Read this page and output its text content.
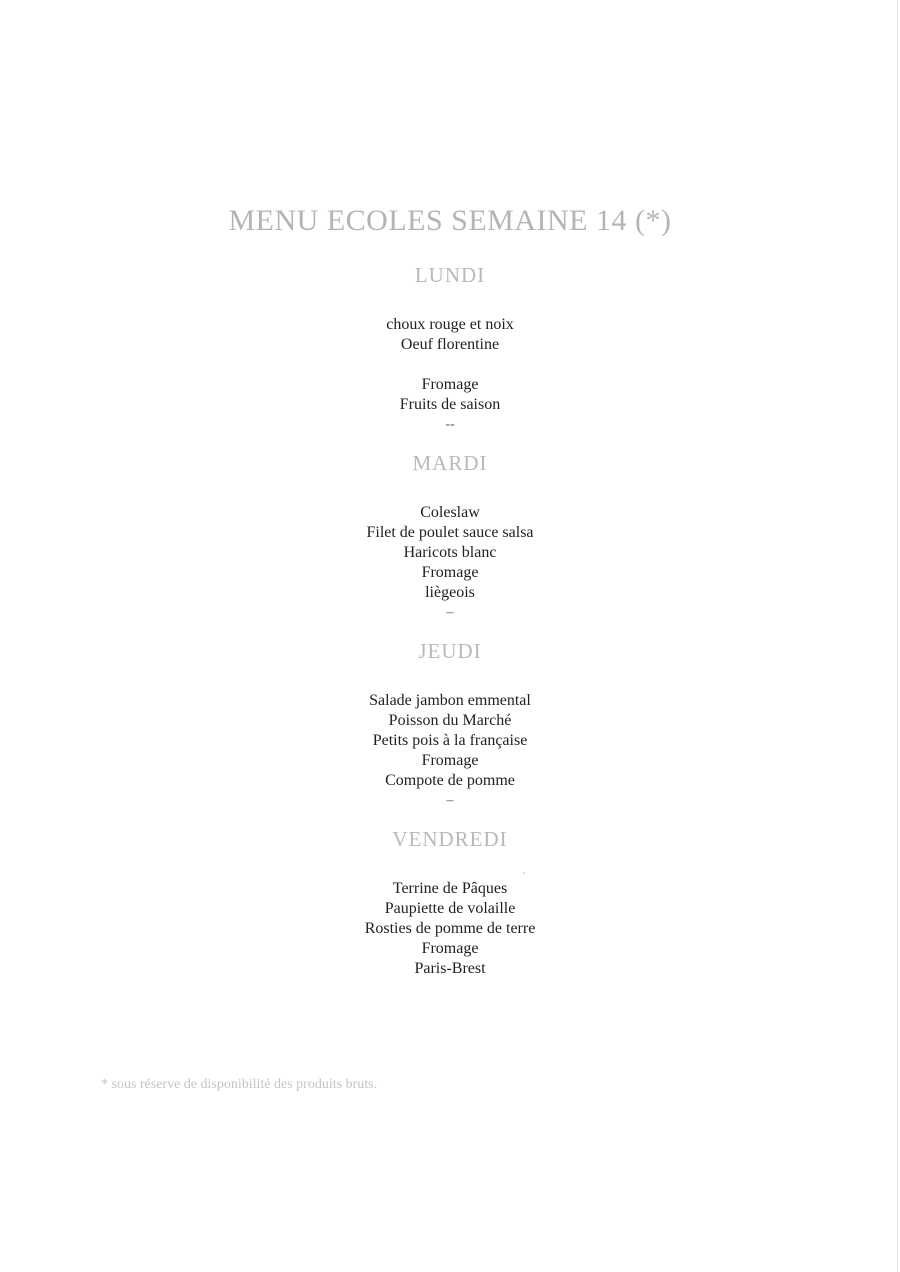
MENU ECOLES SEMAINE 14 (*)
LUNDI
choux rouge et noix
Oeuf florentine
Fromage
Fruits de saison
--
MARDI
Coleslaw
Filet de poulet sauce salsa
Haricots blanc
Fromage
liègeois
–
JEUDI
Salade jambon emmental
Poisson du Marché
Petits pois à la française
Fromage
Compote de pomme
–
VENDREDI
Terrine de Pâques
Paupiette de volaille
Rosties de pomme de terre
Fromage
Paris-Brest
* sous réserve de disponibilité des produits bruts.
